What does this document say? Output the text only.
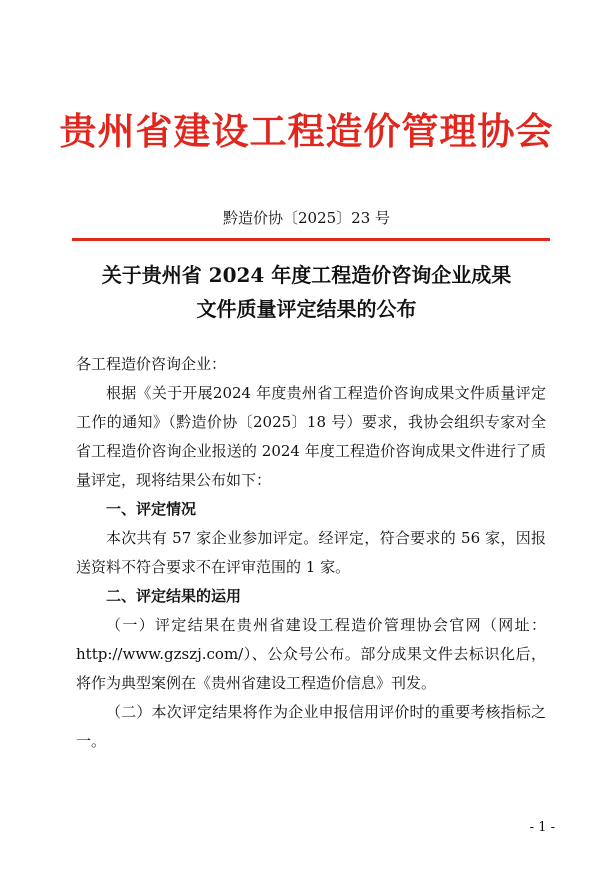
贵州省建设工程造价管理协会
黔造价协〔2025〕23 号
关于贵州省 2024 年度工程造价咨询企业成果
文件质量评定结果的公布

各工程造价咨询企业：

根据《关于开展2024 年度贵州省工程造价咨询成果文件质量评定工作的通知》（黔造价协〔2025〕18 号）要求，我协会组织专家对全省工程造价咨询企业报送的 2024 年度工程造价咨询成果文件进行了质量评定，现将结果公布如下：

一、评定情况

本次共有 57 家企业参加评定。经评定，符合要求的 56 家，因报送资料不符合要求不在评审范围的 1 家。

二、评定结果的运用

（一）评定结果在贵州省建设工程造价管理协会官网（网址：http://www.gzszj.com/）、公众号公布。部分成果文件去标识化后，将作为典型案例在《贵州省建设工程造价信息》刊发。

（二）本次评定结果将作为企业申报信用评价时的重要考核指标之一。

- 1 -
